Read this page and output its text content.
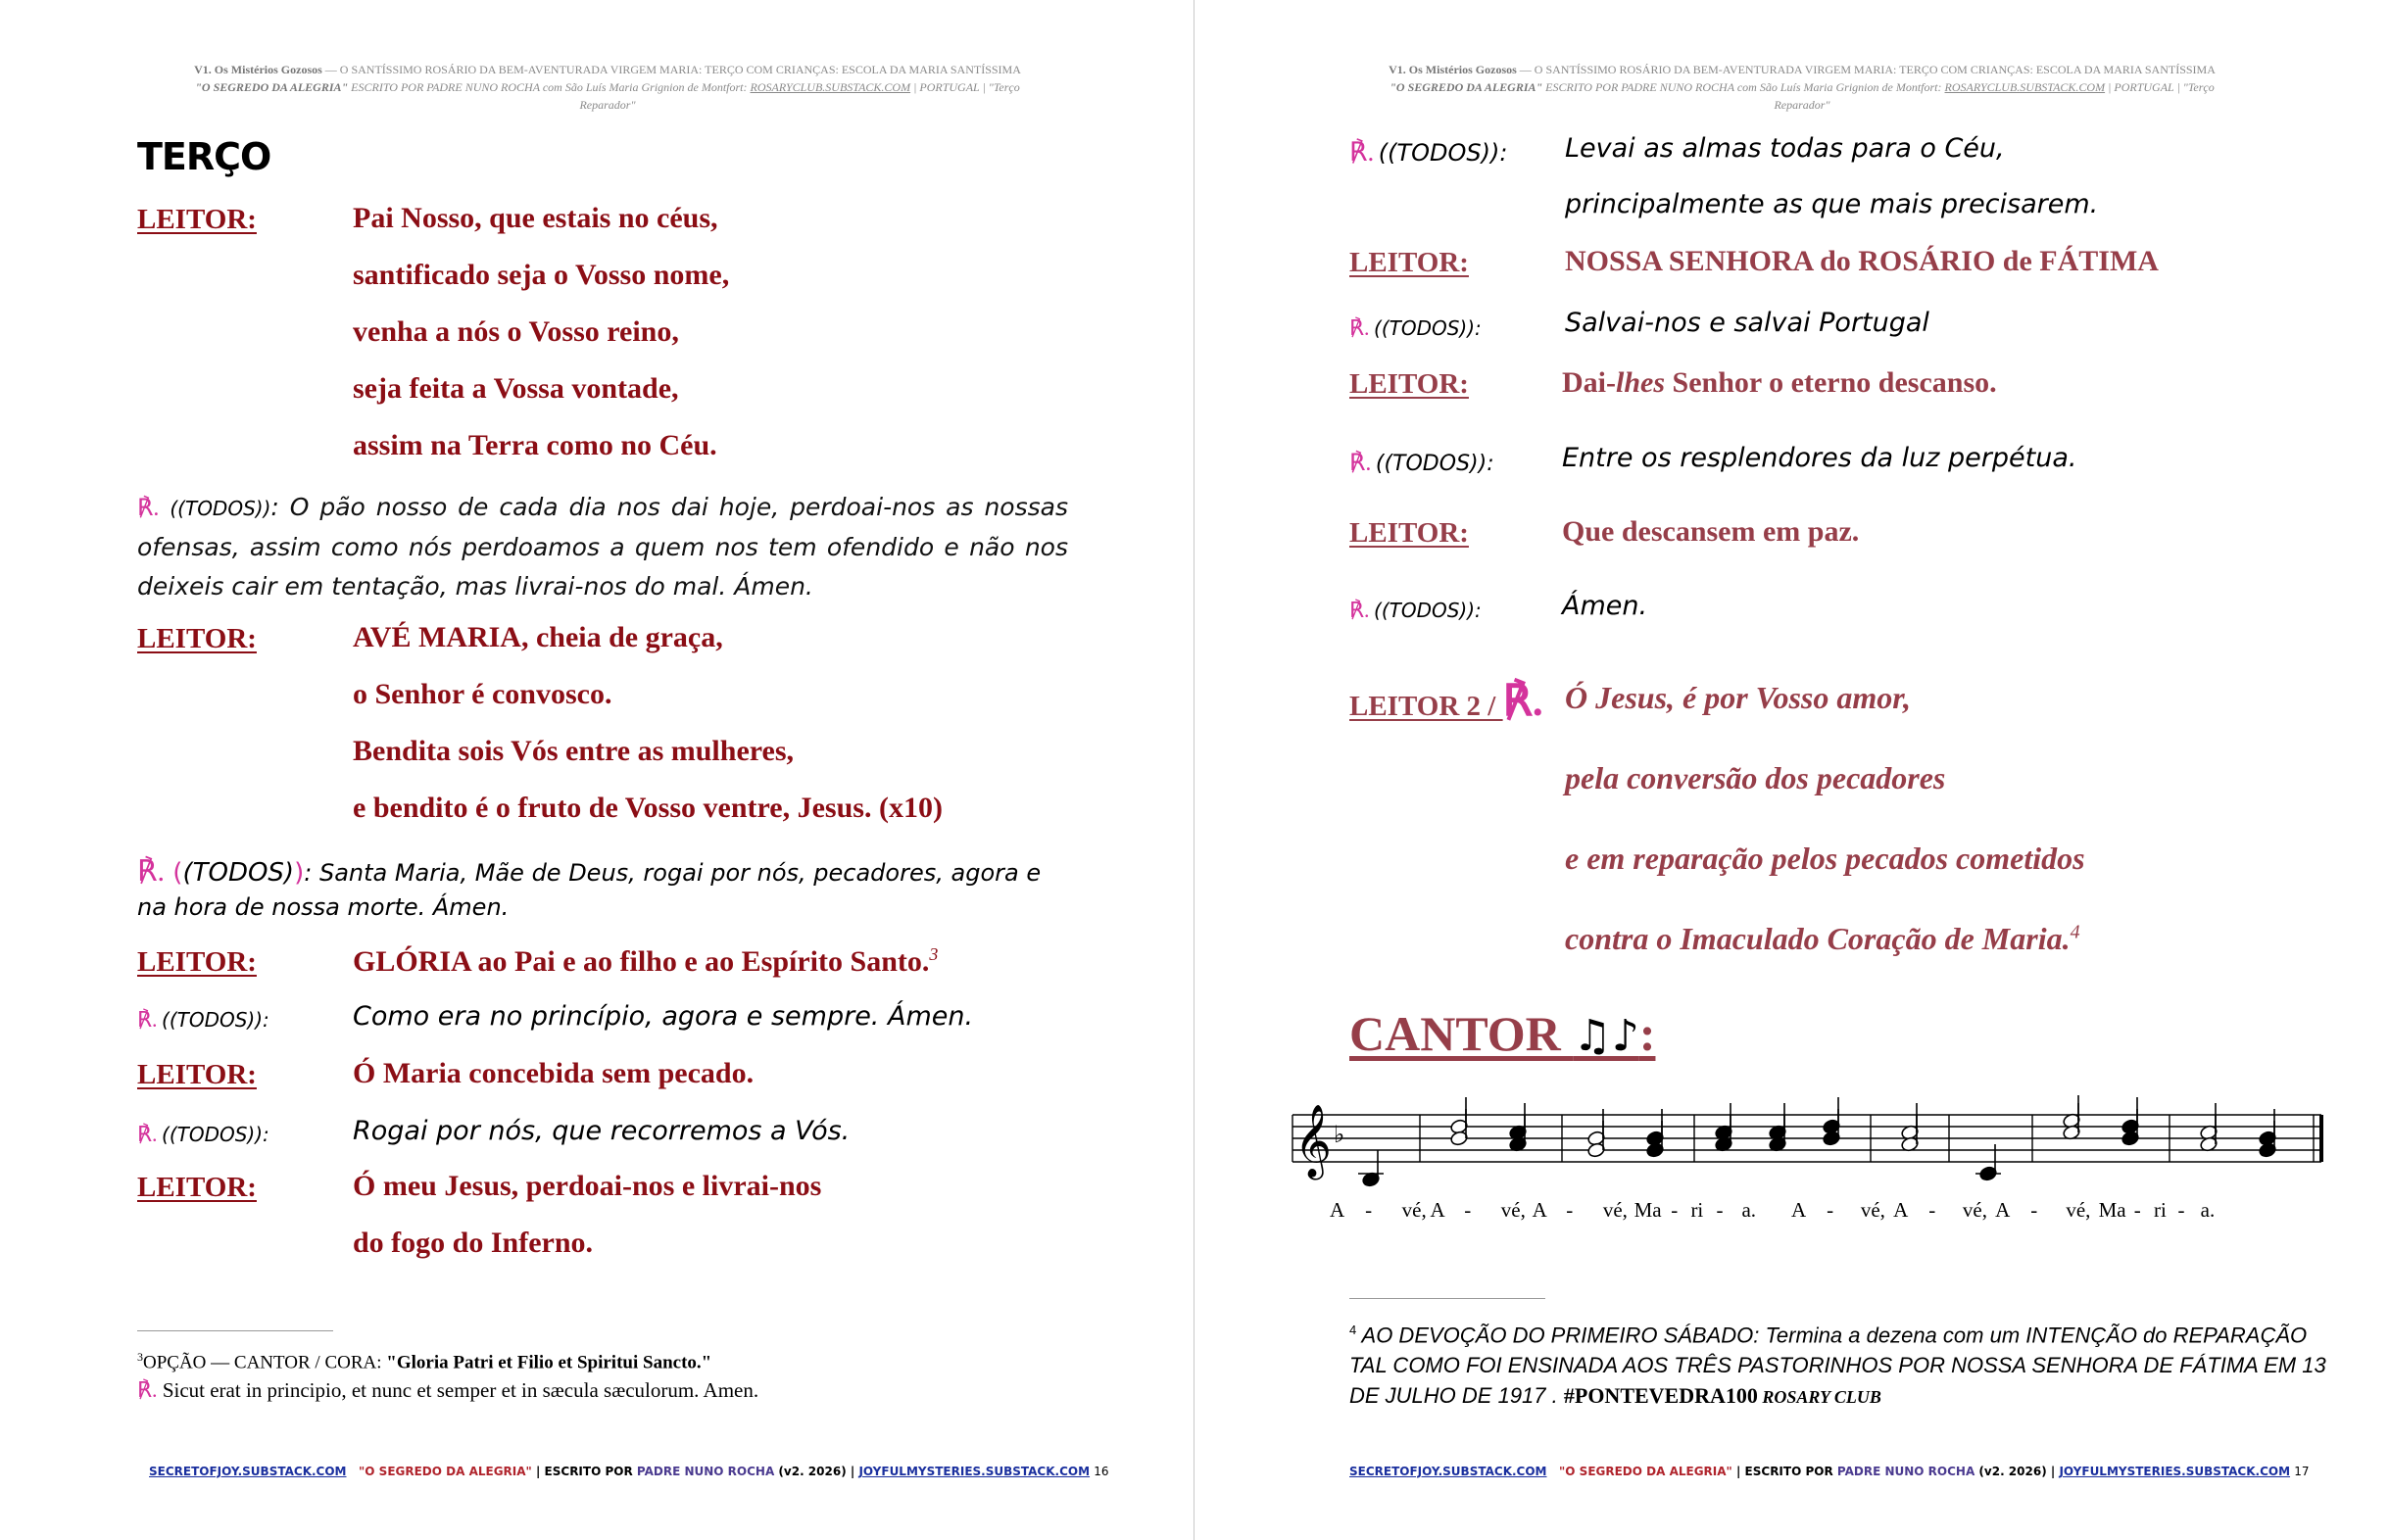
V1. Os Mistérios Gozosos — O SANTÍSSIMO ROSÁRIO DA BEM-AVENTURADA VIRGEM MARIA: TERÇO COM CRIANÇAS: ESCOLA DA MARIA SANTÍSSIMA
"O SEGREDO DA ALEGRIA" ESCRITO POR PADRE NUNO ROCHA com São Luís Maria Grignion de Montfort: ROSARYCLUB.SUBSTACK.COM | PORTUGAL | "Terço Reparador"
TERÇO
LEITOR:	Pai Nosso, que estais no céus,
santificado seja o Vosso nome,
venha a nós o Vosso reino,
seja feita a Vossa vontade,
assim na Terra como no Céu.
℟. ((TODOS)): O pão nosso de cada dia nos dai hoje, perdoai-nos as nossas ofensas, assim como nós perdoamos a quem nos tem ofendido e não nos deixeis cair em tentação, mas livrai-nos do mal. Ámen.
LEITOR:	AVÉ MARIA, cheia de graça,
o Senhor é convosco.
Bendita sois Vós entre as mulheres,
e bendito é o fruto de Vosso ventre, Jesus. (x10)
℟. ((TODOS)): Santa Maria, Mãe de Deus, rogai por nós, pecadores, agora e
na hora de nossa morte. Ámen.
LEITOR:	GLÓRIA ao Pai e ao filho e ao Espírito Santo.$^3$
℟. ((TODOS)):	Como era no princípio, agora e sempre. Ámen.
LEITOR:	Ó Maria concebida sem pecado.
℟. ((TODOS)):	Rogai por nós, que recorremos a Vós.
LEITOR:	Ó meu Jesus, perdoai-nos e livrai-nos
do fogo do Inferno.
$^3$OPÇÃO — CANTOR / CORA: "Gloria Patri et Filio et Spiritui Sancto."
℟. Sicut erat in principio, et nunc et semper et in sæcula sæculorum. Amen.
SECRETOFJOY.SUBSTACK.COM "O SEGREDO DA ALEGRIA" | ESCRITO POR PADRE NUNO ROCHA (v2. 2026) | JOYFULMYSTERIES.SUBSTACK.COM 16
V1. Os Mistérios Gozosos — O SANTÍSSIMO ROSÁRIO DA BEM-AVENTURADA VIRGEM MARIA: TERÇO COM CRIANÇAS: ESCOLA DA MARIA SANTÍSSIMA
"O SEGREDO DA ALEGRIA" ESCRITO POR PADRE NUNO ROCHA com São Luís Maria Grignion de Montfort: ROSARYCLUB.SUBSTACK.COM | PORTUGAL | "Terço Reparador"
℟. ((TODOS)): Levai as almas todas para o Céu,
principalmente as que mais precisarem.
LEITOR:	NOSSA SENHORA do ROSÁRIO de FÁTIMA
℟. ((TODOS)):	Salvai-nos e salvai Portugal
LEITOR:	Dai-lhes Senhor o eterno descanso.
℟. ((TODOS)):	Entre os resplendores da luz perpétua.
LEITOR:	Que descansem em paz.
℟. ((TODOS)):	Ámen.
LEITOR 2 / ℟. Ó Jesus, é por Vosso amor,
pela conversão dos pecadores
e em reparação pelos pecados cometidos
contra o Imaculado Coração de Maria.$^4$
CANTOR ♫♪:
𝄞 ♭
A - vé, A - vé, A - vé, Ma - ri - a. A - vé, A - vé, A - vé, Ma - ri - a.
$^4$ AO DEVOÇÃO DO PRIMEIRO SÁBADO: Termina a dezena com um INTENÇÃO do REPARAÇÃO TAL COMO FOI ENSINADA AOS TRÊS PASTORINHOS POR NOSSA SENHORA DE FÁTIMA EM 13 DE JULHO DE 1917 . #PONTEVEDRA100 ROSARY CLUB
SECRETOFJOY.SUBSTACK.COM "O SEGREDO DA ALEGRIA" | ESCRITO POR PADRE NUNO ROCHA (v2. 2026) | JOYFULMYSTERIES.SUBSTACK.COM 17
